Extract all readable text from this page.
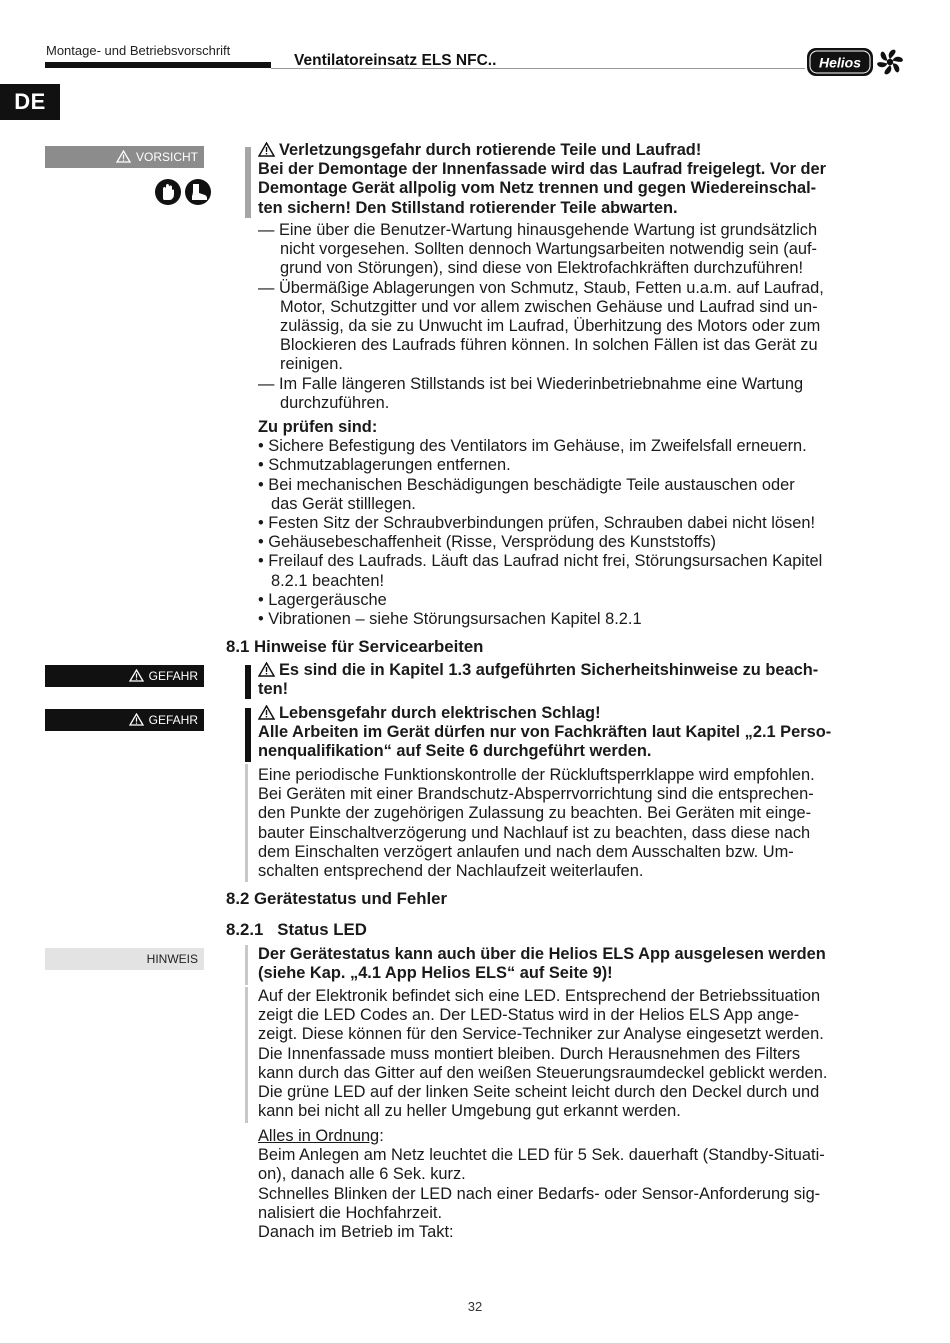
Montage- und Betriebsvorschrift
Ventilatoreinsatz ELS NFC..	Helios
DE
VORSICHT
GEFAHR
GEFAHR
HINWEIS
Verletzungsgefahr durch rotierende Teile und Laufrad!
Bei der Demontage der Innenfassade wird das Laufrad freigelegt. Vor der
Demontage Gerät allpolig vom Netz trennen und gegen Wiedereinschal-
ten sichern! Den Stillstand rotierender Teile abwarten.
— Eine über die Benutzer-Wartung hinausgehende Wartung ist grundsätzlich
nicht vorgesehen. Sollten dennoch Wartungsarbeiten notwendig sein (auf-
grund von Störungen), sind diese von Elektrofachkräften durchzuführen!
— Übermäßige Ablagerungen von Schmutz, Staub, Fetten u.a.m. auf Laufrad,
Motor, Schutzgitter und vor allem zwischen Gehäuse und Laufrad sind un-
zulässig, da sie zu Unwucht im Laufrad, Überhitzung des Motors oder zum
Blockieren des Laufrads führen können. In solchen Fällen ist das Gerät zu
reinigen.
— Im Falle längeren Stillstands ist bei Wiederinbetriebnahme eine Wartung
durchzuführen.
Zu prüfen sind:
• Sichere Befestigung des Ventilators im Gehäuse, im Zweifelsfall erneuern.
• Schmutzablagerungen entfernen.
• Bei mechanischen Beschädigungen beschädigte Teile austauschen oder
das Gerät stilllegen.
• Festen Sitz der Schraubverbindungen prüfen, Schrauben dabei nicht lösen!
• Gehäusebeschaffenheit (Risse, Versprödung des Kunststoffs)
• Freilauf des Laufrads. Läuft das Laufrad nicht frei, Störungsursachen Kapitel
8.2.1 beachten!
• Lagergeräusche
• Vibrationen – siehe Störungsursachen Kapitel 8.2.1
8.1 Hinweise für Servicearbeiten
Es sind die in Kapitel 1.3 aufgeführten Sicherheitshinweise zu beach-
ten!
Lebensgefahr durch elektrischen Schlag!
Alle Arbeiten im Gerät dürfen nur von Fachkräften laut Kapitel „2.1 Perso-
nenqualifikation“ auf Seite 6 durchgeführt werden.
Eine periodische Funktionskontrolle der Rückluftsperrklappe wird empfohlen.
Bei Geräten mit einer Brandschutz-Absperrvorrichtung sind die entsprechen-
den Punkte der zugehörigen Zulassung zu beachten. Bei Geräten mit einge-
bauter Einschaltverzögerung und Nachlauf ist zu beachten, dass diese nach
dem Einschalten verzögert anlaufen und nach dem Ausschalten bzw. Um-
schalten entsprechend der Nachlaufzeit weiterlaufen.
8.2 Gerätestatus und Fehler
8.2.1   Status LED
Der Gerätestatus kann auch über die Helios ELS App ausgelesen werden
(siehe Kap. „4.1 App Helios ELS“ auf Seite 9)!
Auf der Elektronik befindet sich eine LED. Entsprechend der Betriebssituation
zeigt die LED Codes an. Der LED-Status wird in der Helios ELS App ange-
zeigt. Diese können für den Service-Techniker zur Analyse eingesetzt werden.
Die Innenfassade muss montiert bleiben. Durch Herausnehmen des Filters
kann durch das Gitter auf den weißen Steuerungsraumdeckel geblickt werden.
Die grüne LED auf der linken Seite scheint leicht durch den Deckel durch und
kann bei nicht all zu heller Umgebung gut erkannt werden.
Alles in Ordnung:
Beim Anlegen am Netz leuchtet die LED für 5 Sek. dauerhaft (Standby-Situati-
on), danach alle 6 Sek. kurz.
Schnelles Blinken der LED nach einer Bedarfs- oder Sensor-Anforderung sig-
nalisiert die Hochfahrzeit.
Danach im Betrieb im Takt:
32
